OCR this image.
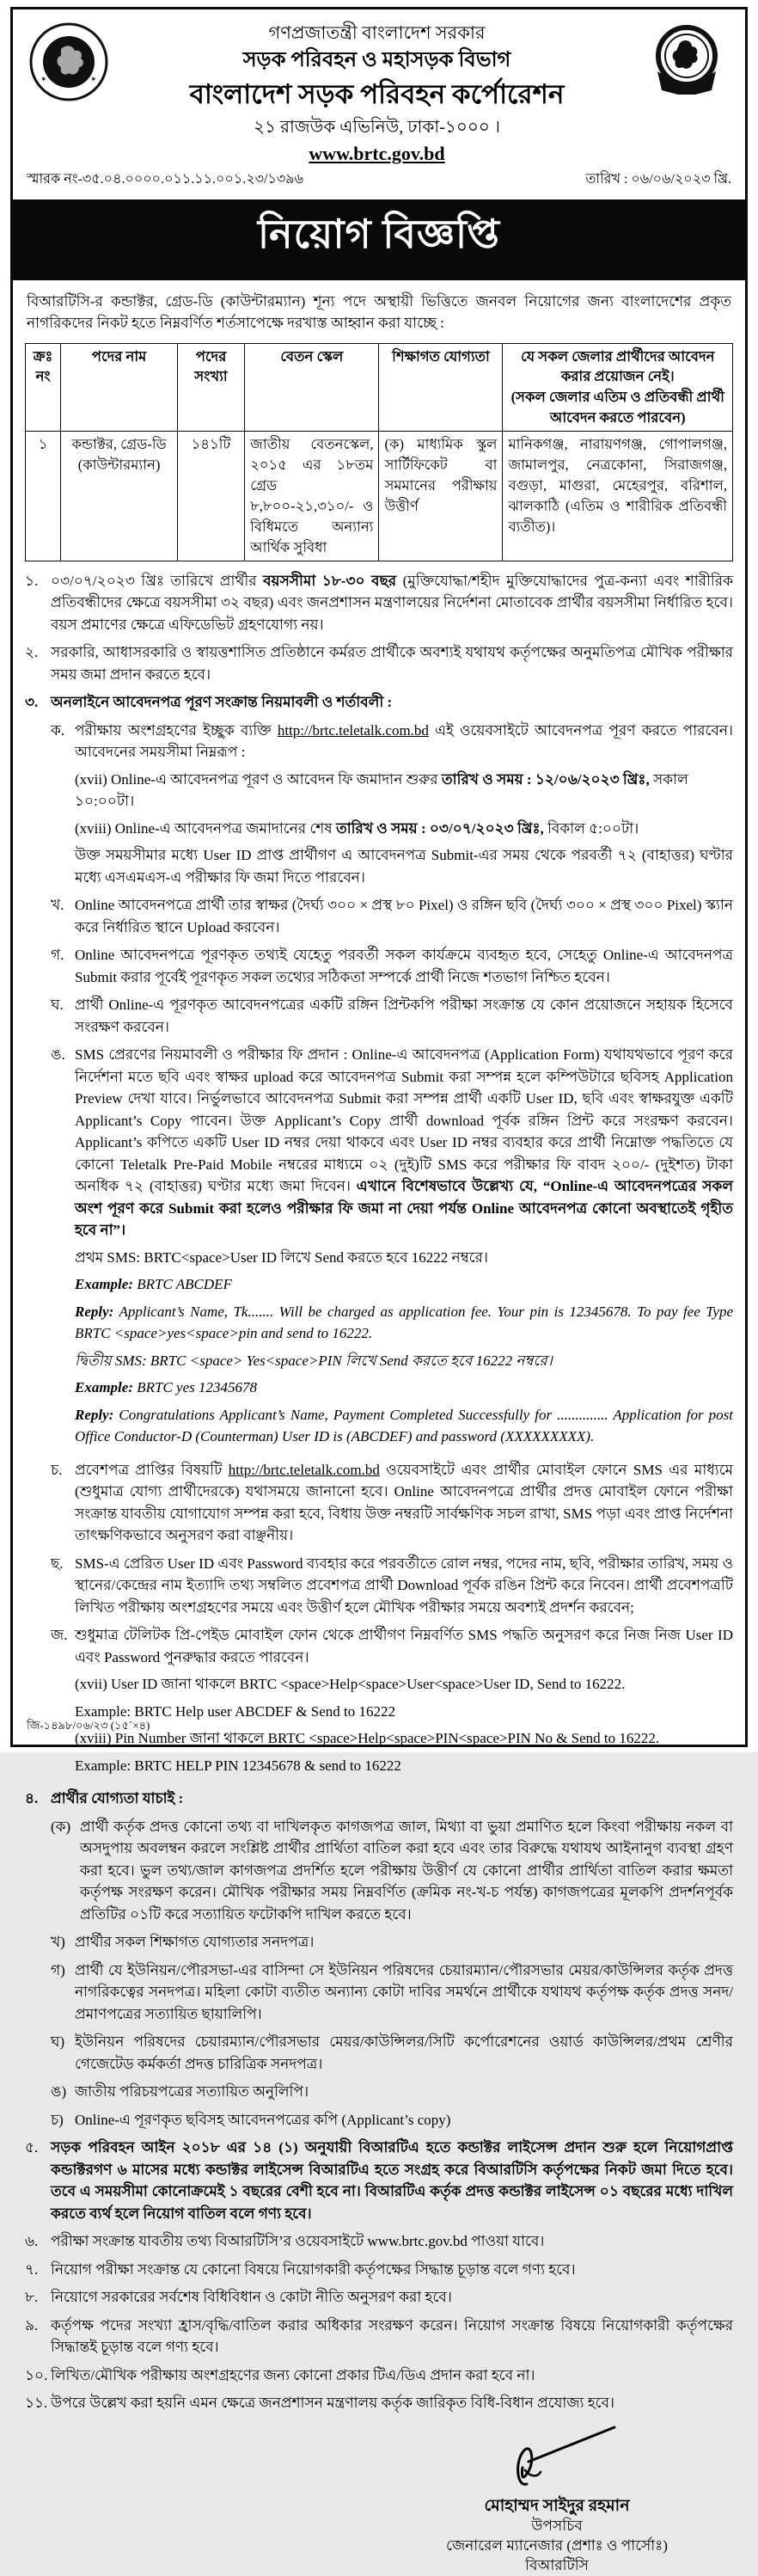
✶	✶
গণপ্রজাতন্ত্রী বাংলাদেশ সরকার
সড়ক পরিবহন ও মহাসড়ক বিভাগ
বাংলাদেশ সড়ক পরিবহন কর্পোরেশন
২১ রাজউক এভিনিউ, ঢাকা-১০০০ ।
www.brtc.gov.bd
স্মারক নং-৩৫.০৪.০০০০.০১১.১১.০০১.২৩/১৩৯৬	তারিখ : ০৬/০৬/২০২৩ খ্রি.
নিয়োগ বিজ্ঞপ্তি

বিআরটিসি-র কন্ডাক্টর, গ্রেড-ডি (কাউন্টারম্যান) শূন্য পদে অস্থায়ী ভিত্তিতে জনবল নিয়োগের জন্য বাংলাদেশের প্রকৃত নাগরিকদের নিকট হতে নিম্নবর্ণিত শর্তসাপেক্ষে দরখাস্ত আহ্বান করা যাচ্ছে :

ক্রঃ নং	পদের নাম	পদের সংখ্যা	বেতন স্কেল	শিক্ষাগত যোগ্যতা	যে সকল জেলার প্রার্থীদের আবেদন করার প্রয়োজন নেই।
(সকল জেলার এতিম ও প্রতিবন্ধী প্রার্থী আবেদন করতে পারবেন)

১	কন্ডাক্টর, গ্রেড-ডি (কাউন্টারম্যান)	১৪১টি	জাতীয় বেতনস্কেল, ২০১৫ এর ১৮তম গ্রেড ৮,৮০০-২১,৩১০/- ও বিধিমতে অন্যান্য আর্থিক সুবিধা	(ক) মাধ্যমিক স্কুল সার্টিফিকেট বা সমমানের পরীক্ষায় উত্তীর্ণ	মানিকগঞ্জ, নারায়ণগঞ্জ, গোপালগঞ্জ, জামালপুর, নেত্রকোনা, সিরাজগঞ্জ, বগুড়া, মাগুরা, মেহেরপুর, বরিশাল, ঝালকাঠি (এতিম ও শারীরিক প্রতিবন্ধী ব্যতীত)।
১. ০৩/০৭/২০২৩ খ্রিঃ তারিখে প্রার্থীর বয়সসীমা ১৮-৩০ বছর (মুক্তিযোদ্ধা/শহীদ মুক্তিযোদ্ধাদের পুত্র-কন্যা এবং শারীরিক প্রতিবন্ধীদের ক্ষেত্রে বয়সসীমা ৩২ বছর) এবং জনপ্রশাসন মন্ত্রণালয়ের নির্দেশনা মোতাবেক প্রার্থীর বয়সসীমা নির্ধারিত হবে। বয়স প্রমাণের ক্ষেত্রে এফিডেভিট গ্রহণযোগ্য নয়।
২. সরকারি, আধাসরকারি ও স্বায়ত্তশাসিত প্রতিষ্ঠানে কর্মরত প্রার্থীকে অবশ্যই যথাযথ কর্তৃপক্ষের অনুমতিপত্র মৌখিক পরীক্ষার সময় জমা প্রদান করতে হবে।
৩. অনলাইনে আবেদনপত্র পূরণ সংক্রান্ত নিয়মাবলী ও শর্তাবলী :
ক. পরীক্ষায় অংশগ্রহণের ইচ্ছুক ব্যক্তি http://brtc.teletalk.com.bd এই ওয়েবসাইটে আবেদনপত্র পূরণ করতে পারবেন। আবেদনের সময়সীমা নিম্নরূপ :
(xvii) Online-এ আবেদনপত্র পূরণ ও আবেদন ফি জমাদান শুরুর তারিখ ও সময় : ১২/০৬/২০২৩ খ্রিঃ, সকাল ১০:০০টা।
(xviii) Online-এ আবেদনপত্র জমাদানের শেষ তারিখ ও সময় : ০৩/০৭/২০২৩ খ্রিঃ, বিকাল ৫:০০টা।
উক্ত সময়সীমার মধ্যে User ID প্রাপ্ত প্রার্থীগণ এ আবেদনপত্র Submit-এর সময় থেকে পরবর্তী ৭২ (বাহাত্তর) ঘণ্টার মধ্যে এসএমএস-এ পরীক্ষার ফি জমা দিতে পারবেন।
খ. Online আবেদনপত্রে প্রার্থী তার স্বাক্ষর (দৈর্ঘ্য ৩০০ × প্রস্থ ৮০ Pixel) ও রঙ্গিন ছবি (দৈর্ঘ্য ৩০০ × প্রস্থ ৩০০ Pixel) স্ক্যান করে নির্ধারিত স্থানে Upload করবেন।
গ. Online আবেদনপত্রে পূরণকৃত তথ্যই যেহেতু পরবর্তী সকল কার্যক্রমে ব্যবহৃত হবে, সেহেতু Online-এ আবেদনপত্র Submit করার পূর্বেই পূরণকৃত সকল তথ্যের সঠিকতা সম্পর্কে প্রার্থী নিজে শতভাগ নিশ্চিত হবেন।
ঘ. প্রার্থী Online-এ পূরণকৃত আবেদনপত্রের একটি রঙ্গিন প্রিন্টকপি পরীক্ষা সংক্রান্ত যে কোন প্রয়োজনে সহায়ক হিসেবে সংরক্ষণ করবেন।
ঙ. SMS প্রেরণের নিয়মাবলী ও পরীক্ষার ফি প্রদান : Online-এ আবেদনপত্র (Application Form) যথাযথভাবে পূরণ করে নির্দেশনা মতে ছবি এবং স্বাক্ষর upload করে আবেদনপত্র Submit করা সম্পন্ন হলে কম্পিউটারে ছবিসহ Application Preview দেখা যাবে। নির্ভুলভাবে আবেদনপত্র Submit করা সম্পন্ন প্রার্থী একটি User ID, ছবি এবং স্বাক্ষরযুক্ত একটি Applicant’s Copy পাবেন। উক্ত Applicant’s Copy প্রার্থী download পূর্বক রঙ্গিন প্রিন্ট করে সংরক্ষণ করবেন। Applicant’s কপিতে একটি User ID নম্বর দেয়া থাকবে এবং User ID নম্বর ব্যবহার করে প্রার্থী নিম্নোক্ত পদ্ধতিতে যে কোনো Teletalk Pre-Paid Mobile নম্বরের মাধ্যমে ০২ (দুই)টি SMS করে পরীক্ষার ফি বাবদ ২০০/- (দুইশত) টাকা অনধিক ৭২ (বাহাত্তর) ঘণ্টার মধ্যে জমা দিবেন। এখানে বিশেষভাবে উল্লেখ্য যে, “Online-এ আবেদনপত্রের সকল অংশ পূরণ করে Submit করা হলেও পরীক্ষার ফি জমা না দেয়া পর্যন্ত Online আবেদনপত্র কোনো অবস্থাতেই গৃহীত হবে না”।
প্রথম SMS: BRTC<space>User ID লিখে Send করতে হবে 16222 নম্বরে।
Example: BRTC ABCDEF
Reply: Applicant’s Name, Tk....... Will be charged as application fee. Your pin is 12345678. To pay fee Type BRTC <space>yes<space>pin and send to 16222.
দ্বিতীয় SMS: BRTC <space> Yes<space>PIN লিখে Send করতে হবে 16222 নম্বরে।
Example: BRTC yes 12345678
Reply: Congratulations Applicant’s Name, Payment Completed Successfully for .............. Application for post Office Conductor-D (Counterman) User ID is (ABCDEF) and password (XXXXXXXXX).
চ. প্রবেশপত্র প্রাপ্তির বিষয়টি http://brtc.teletalk.com.bd ওয়েবসাইটে এবং প্রার্থীর মোবাইল ফোনে SMS এর মাধ্যমে (শুধুমাত্র যোগ্য প্রার্থীদেরকে) যথাসময়ে জানানো হবে। Online আবেদনপত্রে প্রার্থীর প্রদত্ত মোবাইল ফোনে পরীক্ষা সংক্রান্ত যাবতীয় যোগাযোগ সম্পন্ন করা হবে, বিধায় উক্ত নম্বরটি সার্বক্ষণিক সচল রাখা, SMS পড়া এবং প্রাপ্ত নির্দেশনা তাৎক্ষণিকভাবে অনুসরণ করা বাঞ্ছনীয়।
ছ. SMS-এ প্রেরিত User ID এবং Password ব্যবহার করে পরবর্তীতে রোল নম্বর, পদের নাম, ছবি, পরীক্ষার তারিখ, সময় ও স্থানের/কেন্দ্রের নাম ইত্যাদি তথ্য সম্বলিত প্রবেশপত্র প্রার্থী Download পূর্বক রঙিন প্রিন্ট করে নিবেন। প্রার্থী প্রবেশপত্রটি লিখিত পরীক্ষায় অংশগ্রহণের সময়ে এবং উত্তীর্ণ হলে মৌখিক পরীক্ষার সময়ে অবশ্যই প্রদর্শন করবেন;
জ. শুধুমাত্র টেলিটক প্রি-পেইড মোবাইল ফোন থেকে প্রার্থীগণ নিম্নবর্ণিত SMS পদ্ধতি অনুসরণ করে নিজ নিজ User ID এবং Password পুনরুদ্ধার করতে পারবেন।
(xvii) User ID জানা থাকলে BRTC <space>Help<space>User<space>User ID, Send to 16222.
Example: BRTC Help user ABCDEF & Send to 16222
(xviii) Pin Number জানা থাকলে BRTC <space>Help<space>PIN<space>PIN No & Send to 16222.
Example: BRTC HELP PIN 12345678 & send to 16222
৪. প্রার্থীর যোগ্যতা যাচাই :
(ক) প্রার্থী কর্তৃক প্রদত্ত কোনো তথ্য বা দাখিলকৃত কাগজপত্র জাল, মিথ্যা বা ভুয়া প্রমাণিত হলে কিংবা পরীক্ষায় নকল বা অসদুপায় অবলম্বন করলে সংশ্লিষ্ট প্রার্থীর প্রার্থিতা বাতিল করা হবে এবং তার বিরুদ্ধে যথাযথ আইনানুগ ব্যবস্থা গ্রহণ করা হবে। ভুল তথ্য/জাল কাগজপত্র প্রদর্শিত হলে পরীক্ষায় উত্তীর্ণ যে কোনো প্রার্থীর প্রার্থিতা বাতিল করার ক্ষমতা কর্তৃপক্ষ সংরক্ষণ করেন। মৌখিক পরীক্ষার সময় নিম্নবর্ণিত (ক্রমিক নং-খ-চ পর্যন্ত) কাগজপত্রের মূলকপি প্রদর্শনপূর্বক প্রতিটির ০১টি করে সত্যায়িত ফটোকপি দাখিল করতে হবে।
খ) প্রার্থীর সকল শিক্ষাগত যোগ্যতার সনদপত্র।
গ) প্রার্থী যে ইউনিয়ন/পৌরসভা-এর বাসিন্দা সে ইউনিয়ন পরিষদের চেয়ারম্যান/পৌরসভার মেয়র/কাউন্সিলর কর্তৃক প্রদত্ত নাগরিকত্বের সনদপত্র। মহিলা কোটা ব্যতীত অন্যান্য কোটা দাবির সমর্থনে প্রার্থীকে যথাযথ কর্তৃপক্ষ কর্তৃক প্রদত্ত সনদ/প্রমাণপত্রের সত্যায়িত ছায়ালিপি।
ঘ) ইউনিয়ন পরিষদের চেয়ারম্যান/পৌরসভার মেয়র/কাউন্সিলর/সিটি কর্পোরেশনের ওয়ার্ড কাউন্সিলর/প্রথম শ্রেণীর গেজেটেড কর্মকর্তা প্রদত্ত চারিত্রিক সনদপত্র।
ঙ) জাতীয় পরিচয়পত্রের সত্যায়িত অনুলিপি।
চ) Online-এ পূরণকৃত ছবিসহ আবেদনপত্রের কপি (Applicant’s copy)
৫. সড়ক পরিবহন আইন ২০১৮ এর ১৪ (১) অনুযায়ী বিআরটিএ হতে কন্ডাক্টর লাইসেন্স প্রদান শুরু হলে নিয়োগপ্রাপ্ত কন্ডাক্টরগণ ৬ মাসের মধ্যে কন্ডাক্টর লাইসেন্স বিআরটিএ হতে সংগ্রহ করে বিআরটিসি কর্তৃপক্ষের নিকট জমা দিতে হবে। তবে এ সময়সীমা কোনোক্রমেই ১ বছরের বেশী হবে না। বিআরটিএ কর্তৃক প্রদত্ত কন্ডাক্টর লাইসেন্স ০১ বছরের মধ্যে দাখিল করতে ব্যর্থ হলে নিয়োগ বাতিল বলে গণ্য হবে।
৬. পরীক্ষা সংক্রান্ত যাবতীয় তথ্য বিআরটিসি’র ওয়েবসাইটে www.brtc.gov.bd পাওয়া যাবে।
৭. নিয়োগ পরীক্ষা সংক্রান্ত যে কোনো বিষয়ে নিয়োগকারী কর্তৃপক্ষের সিদ্ধান্ত চূড়ান্ত বলে গণ্য হবে।
৮. নিয়োগে সরকারের সর্বশেষ বিধিবিধান ও কোটা নীতি অনুসরণ করা হবে।
৯. কর্তৃপক্ষ পদের সংখ্যা হ্রাস/বৃদ্ধি/বাতিল করার অধিকার সংরক্ষণ করেন। নিয়োগ সংক্রান্ত বিষয়ে নিয়োগকারী কর্তৃপক্ষের সিদ্ধান্তই চূড়ান্ত বলে গণ্য হবে।
১০. লিখিত/মৌখিক পরীক্ষায় অংশগ্রহণের জন্য কোনো প্রকার টিএ/ডিএ প্রদান করা হবে না।
১১. উপরে উল্লেখ করা হয়নি এমন ক্ষেত্রে জনপ্রশাসন মন্ত্রণালয় কর্তৃক জারিকৃত বিধি-বিধান প্রযোজ্য হবে।
মোহাম্মদ সাইদুর রহমান
উপসচিব
জেনারেল ম্যানেজার (প্রশাঃ ও পার্সোঃ)
বিআরটিসি
জি-১৪৯৮/০৬/২৩ (১৫´×৪)
